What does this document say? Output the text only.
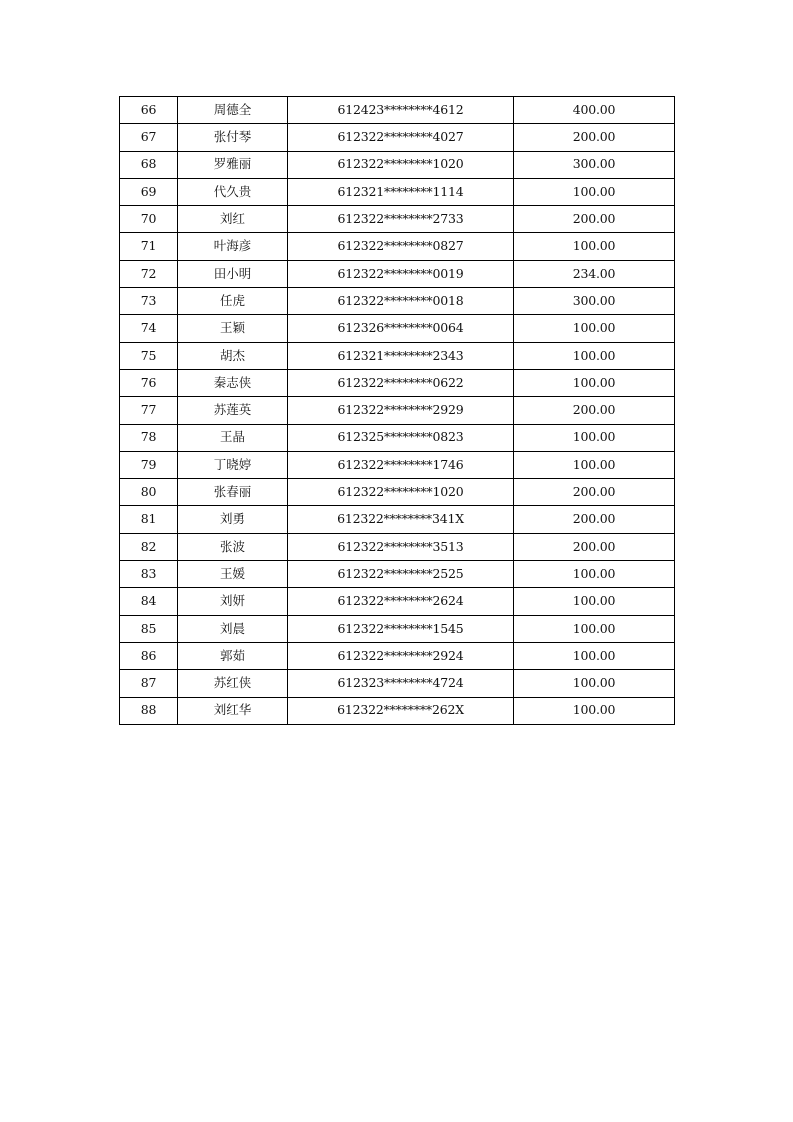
66	周德全	612423********4612	400.00
67	张付琴	612322********4027	200.00
68	罗雅丽	612322********1020	300.00
69	代久贵	612321********1114	100.00
70	刘红	612322********2733	200.00
71	叶海彦	612322********0827	100.00
72	田小明	612322********0019	234.00
73	任虎	612322********0018	300.00
74	王颖	612326********0064	100.00
75	胡杰	612321********2343	100.00
76	秦志侠	612322********0622	100.00
77	苏莲英	612322********2929	200.00
78	王晶	612325********0823	100.00
79	丁晓婷	612322********1746	100.00
80	张春丽	612322********1020	200.00
81	刘勇	612322********341X	200.00
82	张波	612322********3513	200.00
83	王媛	612322********2525	100.00
84	刘妍	612322********2624	100.00
85	刘晨	612322********1545	100.00
86	郭茹	612322********2924	100.00
87	苏红侠	612323********4724	100.00
88	刘红华	612322********262X	100.00
